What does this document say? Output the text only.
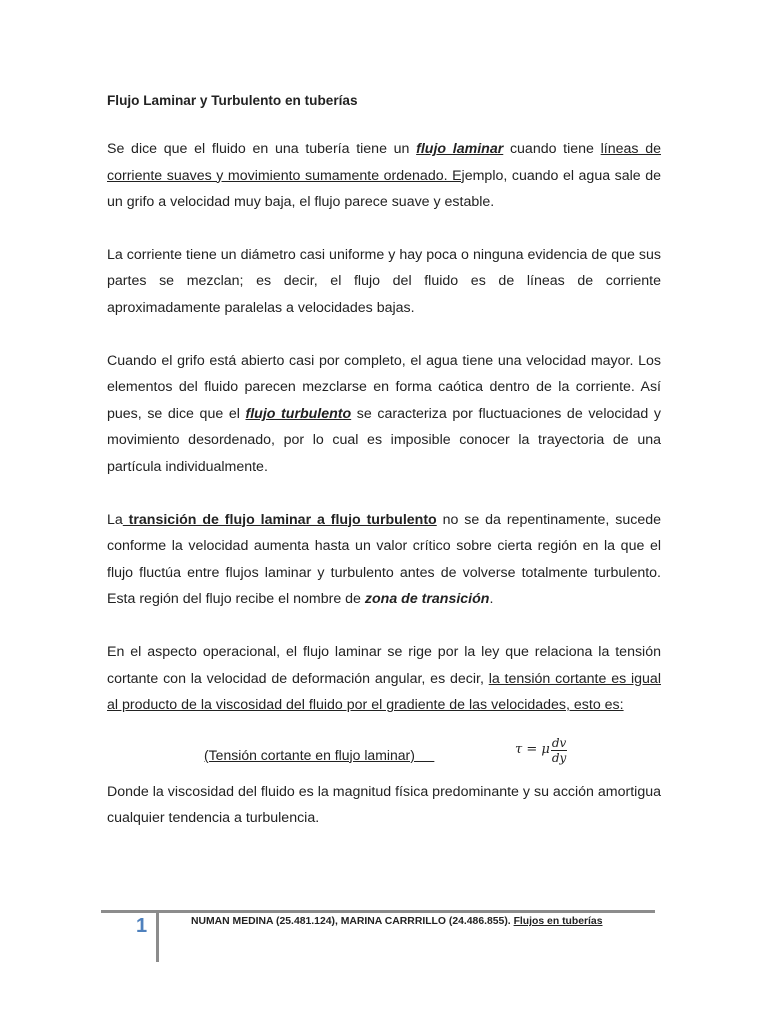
Flujo Laminar y Turbulento en tuberías
Se dice que el fluido en una tubería tiene un flujo laminar cuando tiene líneas de corriente suaves y movimiento sumamente ordenado. Ejemplo, cuando el agua sale de un grifo a velocidad muy baja, el flujo parece suave y estable.
La corriente tiene un diámetro casi uniforme y hay poca o ninguna evidencia de que sus partes se mezclan; es decir, el flujo del fluido es de líneas de corriente aproximadamente paralelas a velocidades bajas.
Cuando el grifo está abierto casi por completo, el agua tiene una velocidad mayor. Los elementos del fluido parecen mezclarse en forma caótica dentro de la corriente. Así pues, se dice que el flujo turbulento se caracteriza por fluctuaciones de velocidad y movimiento desordenado, por lo cual es imposible conocer la trayectoria de una partícula individualmente.
La transición de flujo laminar a flujo turbulento no se da repentinamente, sucede conforme la velocidad aumenta hasta un valor crítico sobre cierta región en la que el flujo fluctúa entre flujos laminar y turbulento antes de volverse totalmente turbulento. Esta región del flujo recibe el nombre de zona de transición.
En el aspecto operacional, el flujo laminar se rige por la ley que relaciona la tensión cortante con la velocidad de deformación angular, es decir, la tensión cortante es igual al producto de la viscosidad del fluido por el gradiente de las velocidades, esto es:
(Tensión cortante en flujo laminar)	τ = μ $\frac{dv}{dy}$
Donde la viscosidad del fluido es la magnitud física predominante y su acción amortigua cualquier tendencia a turbulencia.
1	NUMAN MEDINA (25.481.124), MARINA CARRRILLO (24.486.855). Flujos en tuberías
